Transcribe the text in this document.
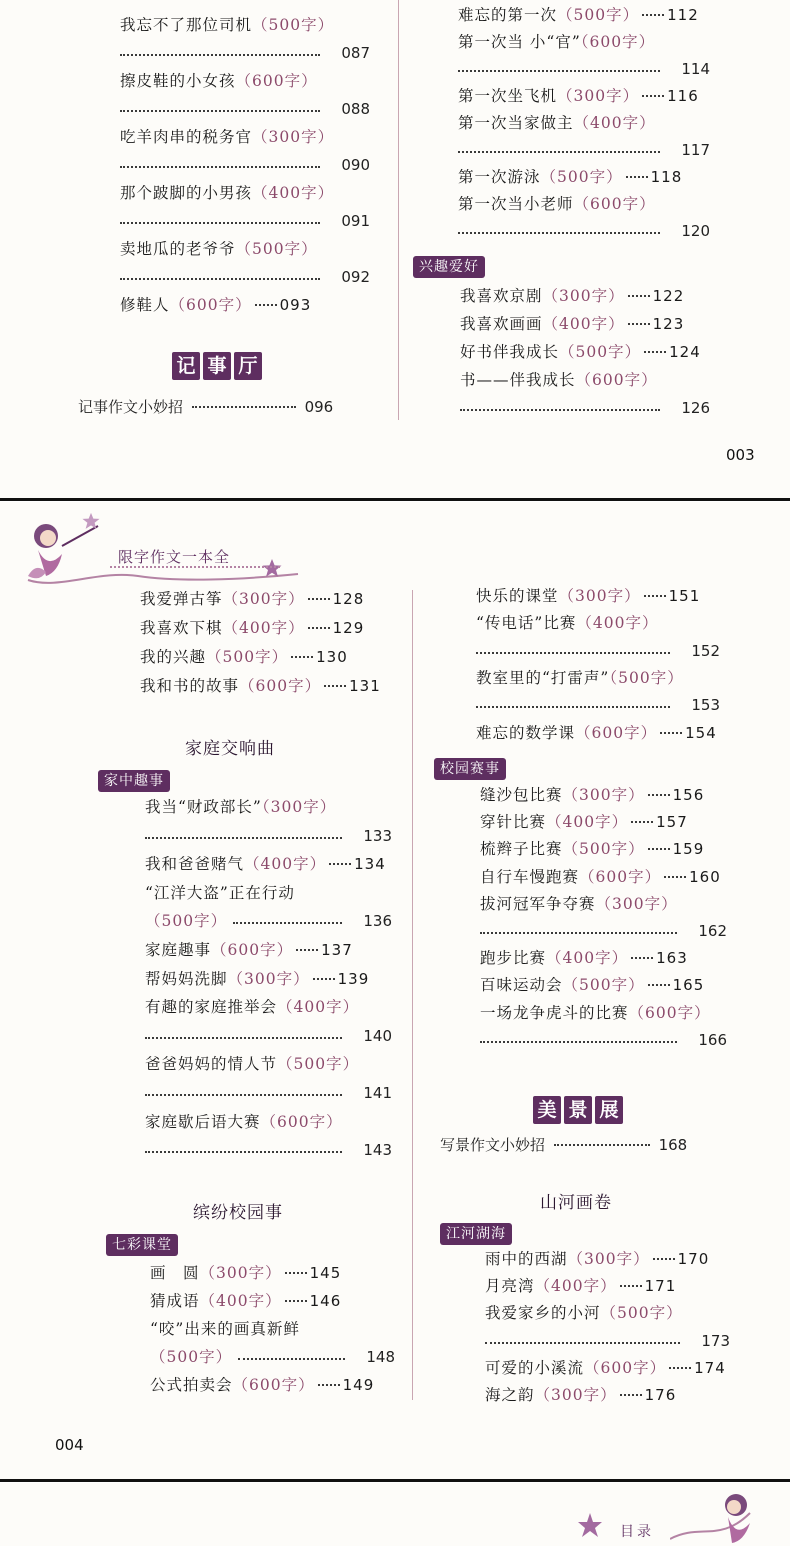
我忘不了那位司机（500字）
087
擦皮鞋的小女孩（600字）
088
吃羊肉串的税务官（300字）
090
那个跛脚的小男孩（400字）
091
卖地瓜的老爷爷（500字）
092
修鞋人（600字） 093
记 事 厅
记事作文小妙招	096
难忘的第一次（500字） 112
第一次当 小“官”（600字）
114
第一次坐飞机（300字） 116
第一次当家做主（400字）
117
第一次游泳（500字） 118
第一次当小老师（600字）
120
兴趣爱好
我喜欢京剧（300字） 122
我喜欢画画（400字） 123
好书伴我成长（500字） 124
书——伴我成长（600字）
126
003
限字作文一本全
我爱弹古筝（300字） 128
我喜欢下棋（400字） 129
我的兴趣（500字） 130
我和书的故事（600字） 131
家庭交响曲
家中趣事
我当“财政部长”（300字）
133
我和爸爸赌气（400字） 134
“江洋大盗”正在行动
（500字）	136
家庭趣事（600字） 137
帮妈妈洗脚（300字） 139
有趣的家庭推举会（400字）
140
爸爸妈妈的情人节（500字）
141
家庭歇后语大赛（600字）
143
缤纷校园事
七彩课堂
画　圆（300字） 145
猜成语（400字） 146
“咬”出来的画真新鲜
（500字）	148
公式拍卖会（600字） 149
快乐的课堂（300字） 151
“传电话”比赛（400字）
152
教室里的“打雷声”（500字）
153
难忘的数学课（600字） 154
校园赛事
缝沙包比赛（300字） 156
穿针比赛（400字） 157
梳辫子比赛（500字） 159
自行车慢跑赛（600字） 160
拔河冠军争夺赛（300字）
162
跑步比赛（400字） 163
百味运动会（500字） 165
一场龙争虎斗的比赛（600字）
166
美 景 展
写景作文小妙招	168
山河画卷
江河湖海
雨中的西湖（300字） 170
月亮湾（400字） 171
我爱家乡的小河（500字）
173
可爱的小溪流（600字） 174
海之韵（300字） 176
004
目录
